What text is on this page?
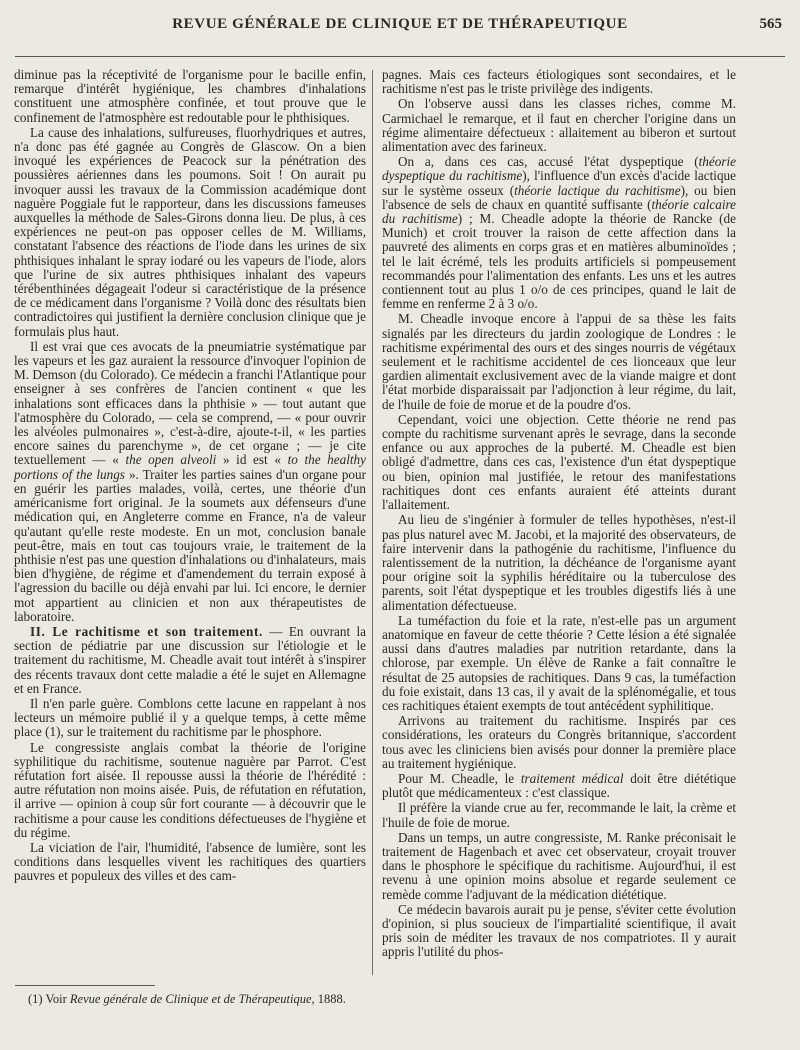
REVUE GÉNÉRALE DE CLINIQUE ET DE THÉRAPEUTIQUE	565

diminue pas la réceptivité de l'organisme pour le bacille enfin, remarque d'intérêt hygiénique, les chambres d'inhalations constituent une atmosphère confinée, et tout prouve que le confinement de l'atmosphère est redoutable pour le phthisiques.

La cause des inhalations, sulfureuses, fluorhydriques et autres, n'a donc pas été gagnée au Congrès de Glascow. On a bien invoqué les expériences de Peacock sur la pénétration des poussières aériennes dans les poumons. Soit ! On aurait pu invoquer aussi les travaux de la Commission académique dont naguère Poggiale fut le rapporteur, dans les discussions fameuses auxquelles la méthode de Sales-Girons donna lieu. De plus, à ces expériences ne peut-on pas opposer celles de M. Williams, constatant l'absence des réactions de l'iode dans les urines de six phthisiques inhalant le spray iodaré ou les vapeurs de l'iode, alors que l'urine de six autres phthisiques inhalant des vapeurs térébenthinées dégageait l'odeur si caractéristique de la présence de ce médicament dans l'organisme ? Voilà donc des résultats bien contradictoires qui justifient la dernière conclusion clinique que je formulais plus haut.

Il est vrai que ces avocats de la pneumiatrie systématique par les vapeurs et les gaz auraient la ressource d'invoquer l'opinion de M. Demson (du Colorado). Ce médecin a franchi l'Atlantique pour enseigner à ses confrères de l'ancien continent « que les inhalations sont efficaces dans la phthisie » — tout autant que l'atmosphère du Colorado, — cela se comprend, — « pour ouvrir les alvéoles pulmonaires », c'est-à-dire, ajoute-t-il, « les parties encore saines du parenchyme », de cet organe ; — je cite textuellement — « the open alveoli » id est « to the healthy portions of the lungs ». Traiter les parties saines d'un organe pour en guérir les parties malades, voilà, certes, une théorie d'un américanisme fort original. Je la soumets aux défenseurs d'une médication qui, en Angleterre comme en France, n'a de valeur qu'autant qu'elle reste modeste. En un mot, conclusion banale peut-être, mais en tout cas toujours vraie, le traitement de la phthisie n'est pas une question d'inhalations ou d'inhalateurs, mais bien d'hygiène, de régime et d'amendement du terrain exposé à l'agression du bacille ou déjà envahi par lui. Ici encore, le dernier mot appartient au clinicien et non aux thérapeutistes de laboratoire.

II. Le rachitisme et son traitement. — En ouvrant la section de pédiatrie par une discussion sur l'étiologie et le traitement du rachitisme, M. Cheadle avait tout intérêt à s'inspirer des récents travaux dont cette maladie a été le sujet en Allemagne et en France.

Il n'en parle guère. Comblons cette lacune en rappelant à nos lecteurs un mémoire publié il y a quelque temps, à cette même place (1), sur le traitement du rachitisme par le phosphore.

Le congressiste anglais combat la théorie de l'origine syphilitique du rachitisme, soutenue naguère par Parrot. C'est réfutation fort aisée. Il repousse aussi la théorie de l'hérédité : autre réfutation non moins aisée. Puis, de réfutation en réfutation, il arrive — opinion à coup sûr fort courante — à découvrir que le rachitisme a pour cause les conditions défectueuses de l'hygiène et du régime.

La viciation de l'air, l'humidité, l'absence de lumière, sont les conditions dans lesquelles vivent les rachitiques des quartiers pauvres et populeux des villes et des cam-

pagnes. Mais ces facteurs étiologiques sont secondaires, et le rachitisme n'est pas le triste privilège des indigents.

On l'observe aussi dans les classes riches, comme M. Carmichael le remarque, et il faut en chercher l'origine dans un régime alimentaire défectueux : allaitement au biberon et surtout alimentation avec des farineux.

On a, dans ces cas, accusé l'état dyspeptique (théorie dyspeptique du rachitisme), l'influence d'un excès d'acide lactique sur le système osseux (théorie lactique du rachitisme), ou bien l'absence de sels de chaux en quantité suffisante (théorie calcaire du rachitisme) ; M. Cheadle adopte la théorie de Rancke (de Munich) et croit trouver la raison de cette affection dans la pauvreté des aliments en corps gras et en matières albuminoïdes ; tel le lait écrémé, tels les produits artificiels si pompeusement recommandés pour l'alimentation des enfants. Les uns et les autres contiennent tout au plus 1 o/o de ces principes, quand le lait de femme en renferme 2 à 3 o/o.

M. Cheadle invoque encore à l'appui de sa thèse les faits signalés par les directeurs du jardin zoologique de Londres : le rachitisme expérimental des ours et des singes nourris de végétaux seulement et le rachitisme accidentel de ces lionceaux que leur gardien alimentait exclusivement avec de la viande maigre et dont l'état morbide disparaissait par l'adjonction à leur régime, du lait, de l'huile de foie de morue et de la poudre d'os.

Cependant, voici une objection. Cette théorie ne rend pas compte du rachitisme survenant après le sevrage, dans la seconde enfance ou aux approches de la puberté. M. Cheadle est bien obligé d'admettre, dans ces cas, l'existence d'un état dyspeptique ou bien, opinion mal justifiée, le retour des manifestations rachitiques dont ces enfants auraient été atteints durant l'allaitement.

Au lieu de s'ingénier à formuler de telles hypothèses, n'est-il pas plus naturel avec M. Jacobi, et la majorité des observateurs, de faire intervenir dans la pathogénie du rachitisme, l'influence du ralentissement de la nutrition, la déchéance de l'organisme ayant pour origine soit la syphilis héréditaire ou la tuberculose des parents, soit l'état dyspeptique et les troubles digestifs liés à une alimentation défectueuse.

La tuméfaction du foie et la rate, n'est-elle pas un argument anatomique en faveur de cette théorie ? Cette lésion a été signalée aussi dans d'autres maladies par nutrition retardante, dans la chlorose, par exemple. Un élève de Ranke a fait connaître le résultat de 25 autopsies de rachitiques. Dans 9 cas, la tuméfaction du foie existait, dans 13 cas, il y avait de la splénomégalie, et tous ces rachitiques étaient exempts de tout antécédent syphilitique.

Arrivons au traitement du rachitisme. Inspirés par ces considérations, les orateurs du Congrès britannique, s'accordent tous avec les cliniciens bien avisés pour donner la première place au traitement hygiénique.

Pour M. Cheadle, le traitement médical doit être diététique plutôt que médicamenteux : c'est classique.

Il préfère la viande crue au fer, recommande le lait, la crème et l'huile de foie de morue.

Dans un temps, un autre congressiste, M. Ranke préconisait le traitement de Hagenbach et avec cet observateur, croyait trouver dans le phosphore le spécifique du rachitisme. Aujourd'hui, il est revenu à une opinion moins absolue et regarde seulement ce remède comme l'adjuvant de la médication diététique.

Ce médecin bavarois aurait pu je pense, s'éviter cette évolution d'opinion, si plus soucieux de l'impartialité scientifique, il avait pris soin de méditer les travaux de nos compatriotes. Il y aurait appris l'utilité du phos-

(1) Voir Revue générale de Clinique et de Thérapeutique, 1888.
